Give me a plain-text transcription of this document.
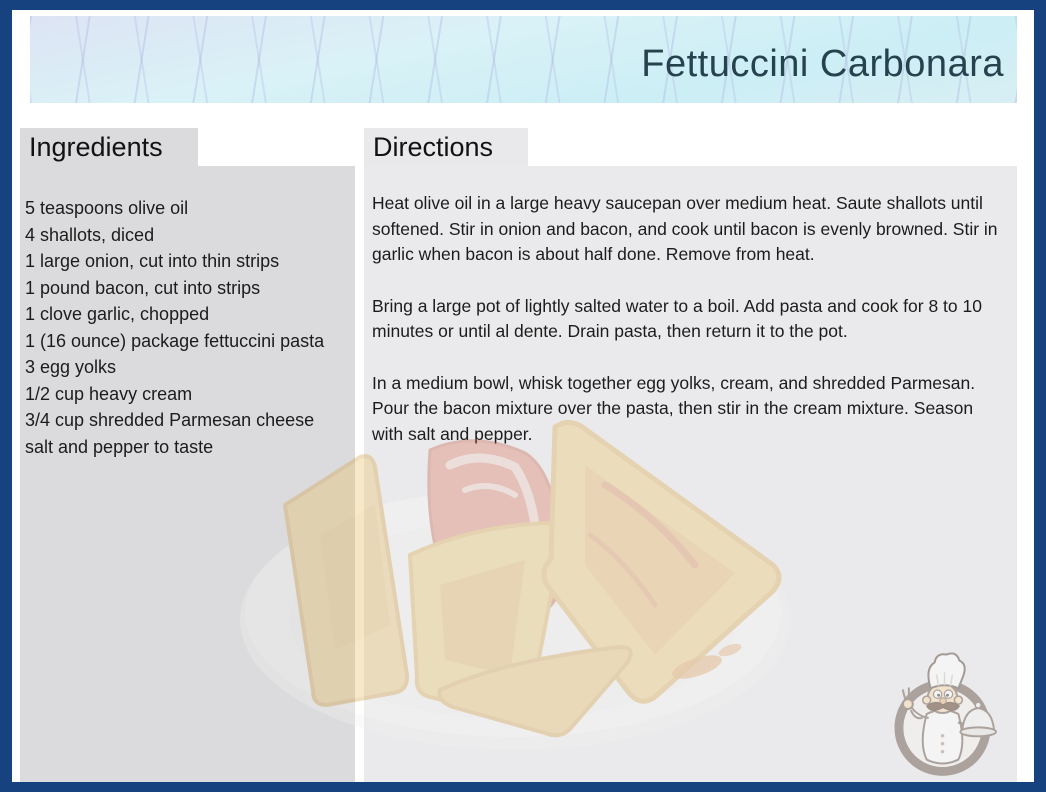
Fettuccini Carbonara
Ingredients
5 teaspoons olive oil
4 shallots, diced
1 large onion, cut into thin strips
1 pound bacon, cut into strips
1 clove garlic, chopped
1 (16 ounce) package fettuccini pasta
3 egg yolks
1/2 cup heavy cream
3/4 cup shredded Parmesan cheese
salt and pepper to taste
Directions

Heat olive oil in a large heavy saucepan over medium heat. Saute shallots until softened. Stir in onion and bacon, and cook until bacon is evenly browned. Stir in garlic when bacon is about half done. Remove from heat.

Bring a large pot of lightly salted water to a boil. Add pasta and cook for 8 to 10 minutes or until al dente. Drain pasta, then return it to the pot.

In a medium bowl, whisk together egg yolks, cream, and shredded Parmesan. Pour the bacon mixture over the pasta, then stir in the cream mixture. Season with salt and pepper.
